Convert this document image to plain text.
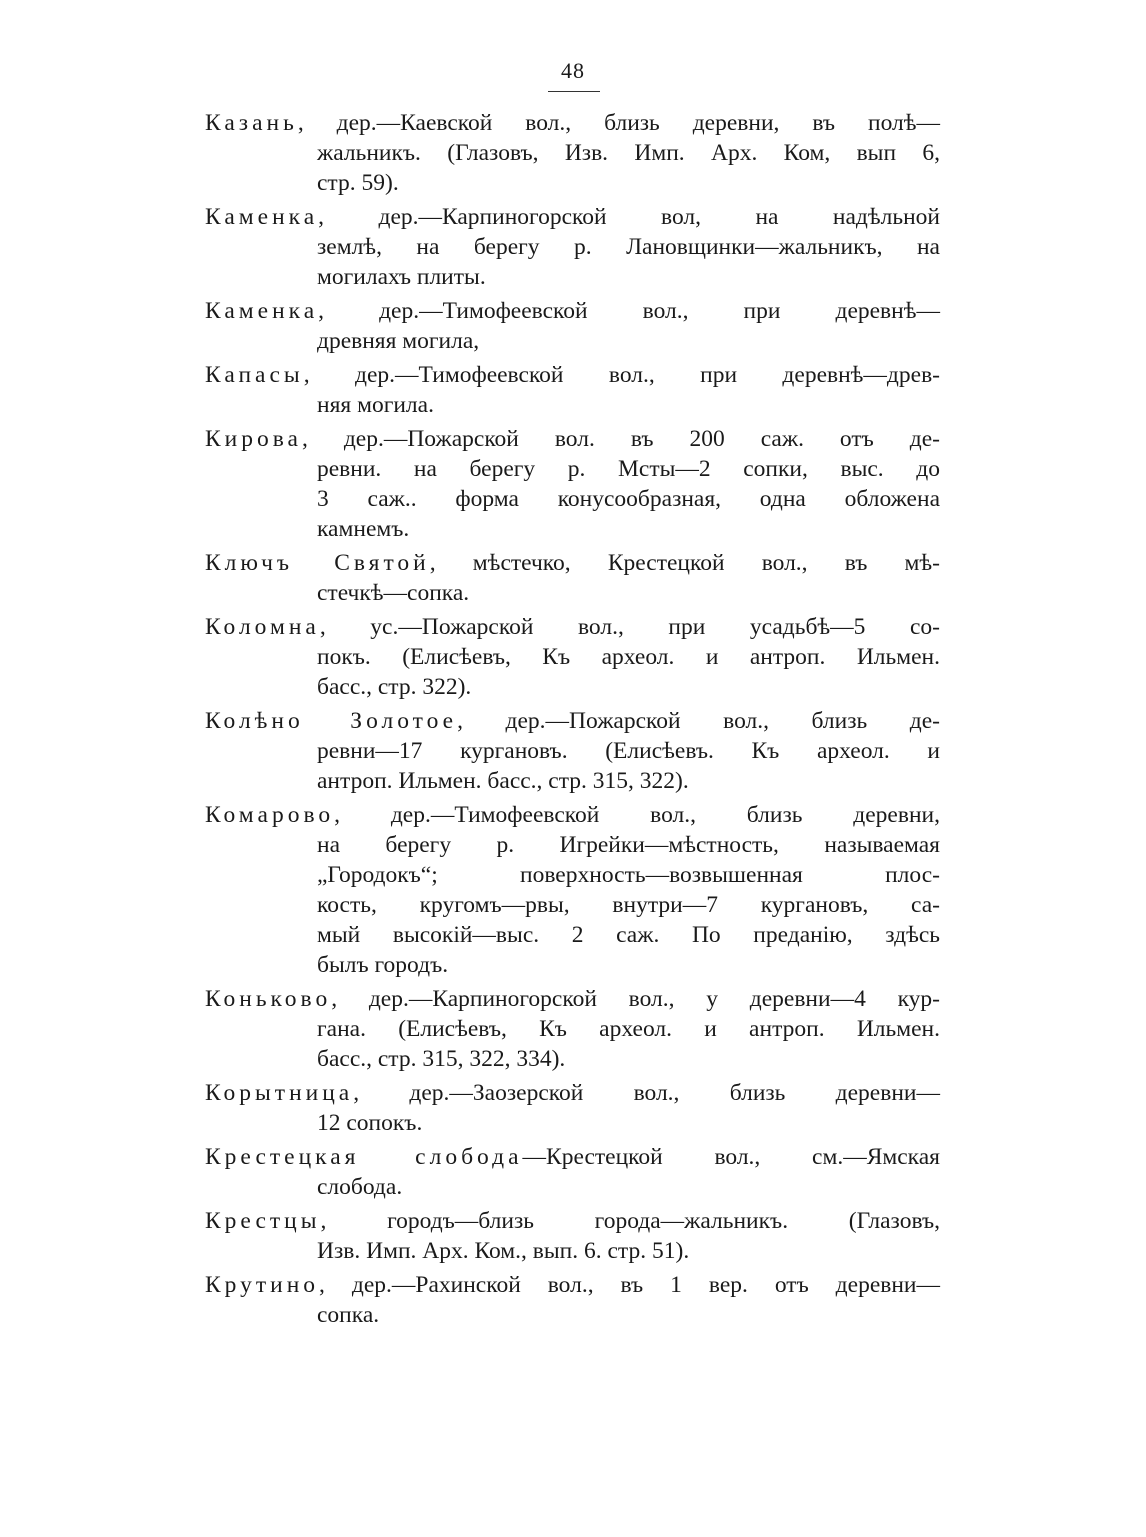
48
Казань, дер.—Каевской вол., близь деревни, въ полѣ—
жальникъ. (Глазовъ, Изв. Имп. Арх. Ком, вып 6,
стр. 59).
Каменка, дер.—Карпиногорской вол, на надѣльной
землѣ, на берегу р. Лановщинки—жальникъ, на
могилахъ плиты.
Каменка, дер.—Тимофеевской вол., при деревнѣ—
древняя могила,
Капасы, дер.—Тимофеевской вол., при деревнѣ—древ-
няя могила.
Кирова, дер.—Пожарской вол. въ 200 саж. отъ де-
ревни. на берегу р. Мсты—2 сопки, выс. до
3 саж.. форма конусообразная, одна обложена
камнемъ.
Ключъ Святой, мѣстечко, Крестецкой вол., въ мѣ-
стечкѣ—сопка.
Коломна, ус.—Пожарской вол., при усадьбѣ—5 со-
покъ. (Елисѣевъ, Къ археол. и антроп. Ильмен.
басс., стр. 322).
Колѣно Золотое, дер.—Пожарской вол., близь де-
ревни—17 кургановъ. (Елисѣевъ. Къ археол. и
антроп. Ильмен. басс., стр. 315, 322).
Комарово, дер.—Тимофеевской вол., близь деревни,
на берегу р. Игрейки—мѣстность, называемая
„Городокъ“; поверхность—возвышенная плос-
кость, кругомъ—рвы, внутри—7 кургановъ, са-
мый высокій—выс. 2 саж. По преданію, здѣсь
былъ городъ.
Коньково, дер.—Карпиногорской вол., у деревни—4 кур-
гана. (Елисѣевъ, Къ археол. и антроп. Ильмен.
басс., стр. 315, 322, 334).
Корытница, дер.—Заозерской вол., близь деревни—
12 сопокъ.
Крестецкая слобода—Крестецкой вол., см.—Ямская
слобода.
Крестцы, городъ—близь города—жальникъ. (Глазовъ,
Изв. Имп. Арх. Ком., вып. 6. стр. 51).
Крутино, дер.—Рахинской вол., въ 1 вер. отъ деревни—
сопка.
